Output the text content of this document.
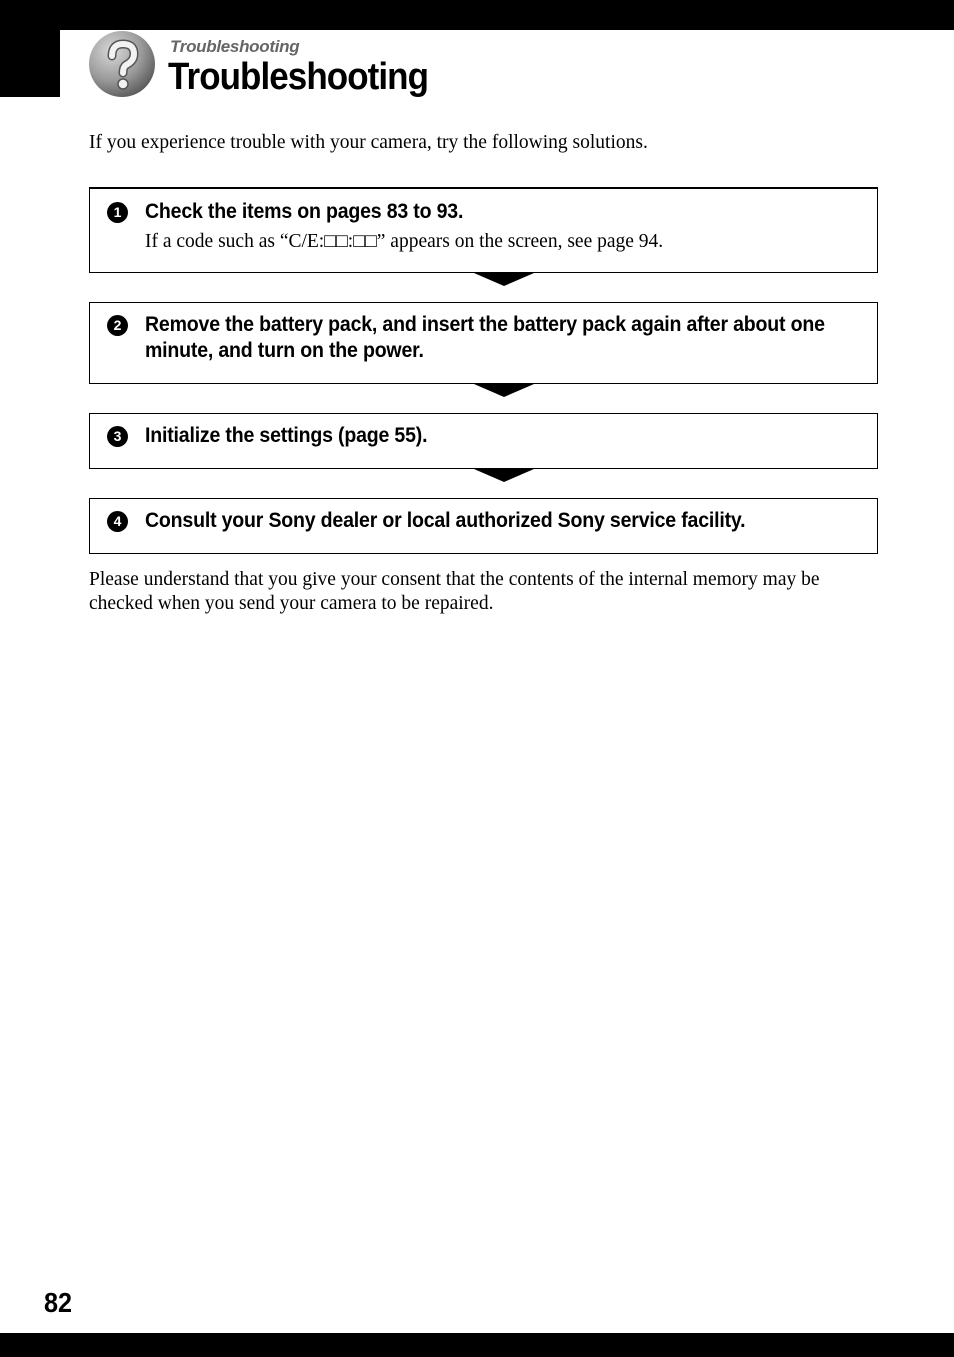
Troubleshooting
Troubleshooting

If you experience trouble with your camera, try the following solutions.

1	Check the items on pages 83 to 93.

If a code such as “C/E:□□:□□” appears on the screen, see page 94.

2	Remove the battery pack, and insert the battery pack again after about one minute, and turn on the power.

3	Initialize the settings (page 55).

4	Consult your Sony dealer or local authorized Sony service facility.

Please understand that you give your consent that the contents of the internal memory may be checked when you send your camera to be repaired.

82
